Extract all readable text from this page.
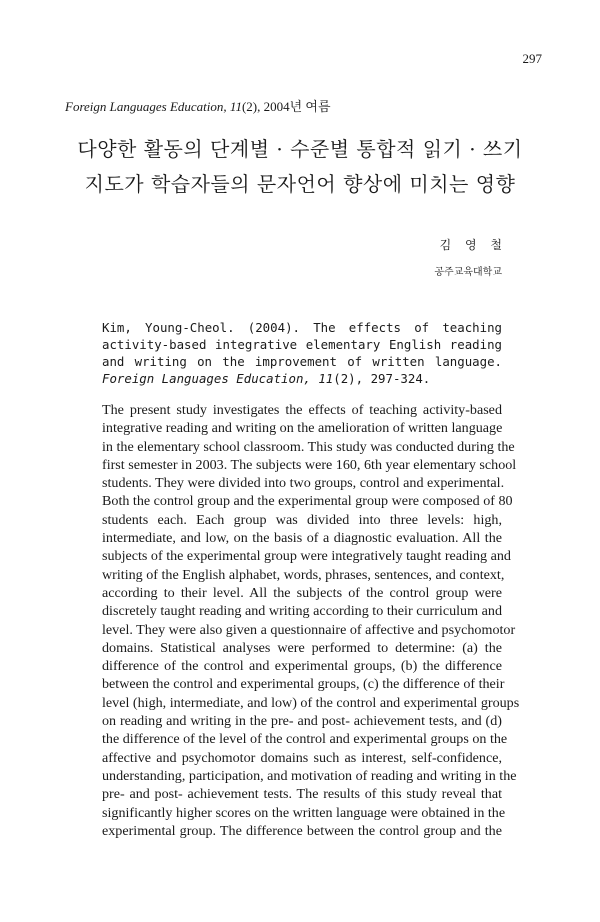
297
Foreign Languages Education, 11(2), 2004년 여름
다양한 활동의 단계별 · 수준별 통합적 읽기 · 쓰기
지도가 학습자들의 문자언어 향상에 미치는 영향
김 영 철
공주교육대학교
Kim, Young-Cheol. (2004). The effects of teaching activity-based integrative elementary English reading and writing on the improvement of written language. Foreign Languages Education, 11(2), 297-324.
The present study investigates the effects of teaching activity-based
integrative reading and writing on the amelioration of written language
in the elementary school classroom. This study was conducted during the
first semester in 2003. The subjects were 160, 6th year elementary school
students. They were divided into two groups, control and experimental.
Both the control group and the experimental group were composed of 80
students each. Each group was divided into three levels: high,
intermediate, and low, on the basis of a diagnostic evaluation. All the
subjects of the experimental group were integratively taught reading and
writing of the English alphabet, words, phrases, sentences, and context,
according to their level. All the subjects of the control group were
discretely taught reading and writing according to their curriculum and
level. They were also given a questionnaire of affective and psychomotor
domains. Statistical analyses were performed to determine: (a) the
difference of the control and experimental groups, (b) the difference
between the control and experimental groups, (c) the difference of their
level (high, intermediate, and low) of the control and experimental groups
on reading and writing in the pre- and post- achievement tests, and (d)
the difference of the level of the control and experimental groups on the
affective and psychomotor domains such as interest, self-confidence,
understanding, participation, and motivation of reading and writing in the
pre- and post- achievement tests. The results of this study reveal that
significantly higher scores on the written language were obtained in the
experimental group. The difference between the control group and the
